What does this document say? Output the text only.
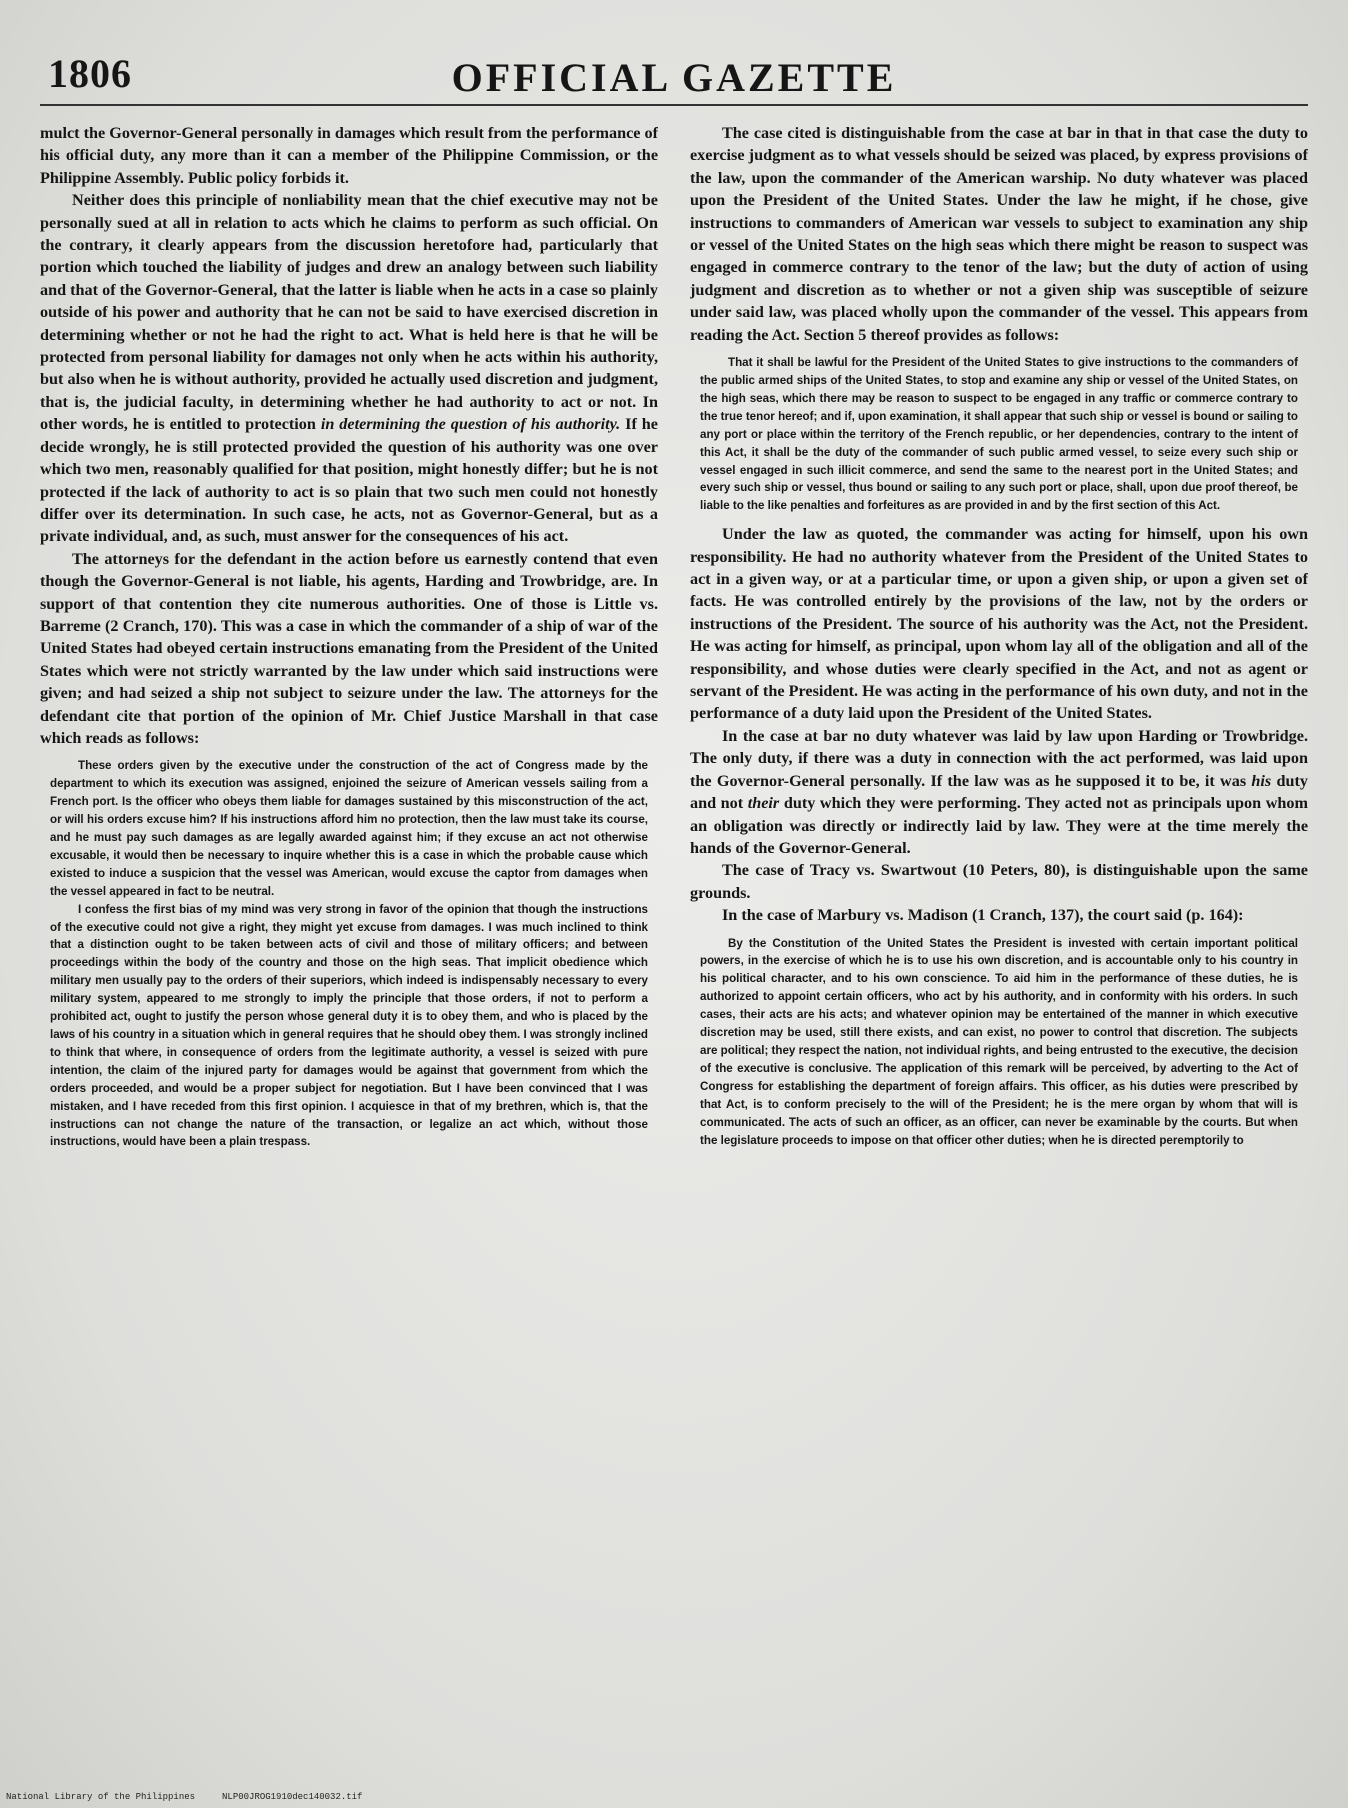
1806	OFFICIAL GAZETTE

mulct the Governor-General personally in damages which result from the performance of his official duty, any more than it can a member of the Philippine Commission, or the Philippine Assembly. Public policy forbids it.

Neither does this principle of nonliability mean that the chief executive may not be personally sued at all in relation to acts which he claims to perform as such official. On the contrary, it clearly appears from the discussion heretofore had, particularly that portion which touched the liability of judges and drew an analogy between such liability and that of the Governor-General, that the latter is liable when he acts in a case so plainly outside of his power and authority that he can not be said to have exercised discretion in determining whether or not he had the right to act. What is held here is that he will be protected from personal liability for damages not only when he acts within his authority, but also when he is without authority, provided he actually used discretion and judgment, that is, the judicial faculty, in determining whether he had authority to act or not. In other words, he is entitled to protection in determining the question of his authority. If he decide wrongly, he is still protected provided the question of his authority was one over which two men, reasonably qualified for that position, might honestly differ; but he is not protected if the lack of authority to act is so plain that two such men could not honestly differ over its determination. In such case, he acts, not as Governor-General, but as a private individual, and, as such, must answer for the consequences of his act.

The attorneys for the defendant in the action before us earnestly contend that even though the Governor-General is not liable, his agents, Harding and Trowbridge, are. In support of that contention they cite numerous authorities. One of those is Little vs. Barreme (2 Cranch, 170). This was a case in which the commander of a ship of war of the United States had obeyed certain instructions emanating from the President of the United States which were not strictly warranted by the law under which said instructions were given; and had seized a ship not subject to seizure under the law. The attorneys for the defendant cite that portion of the opinion of Mr. Chief Justice Marshall in that case which reads as follows:

These orders given by the executive under the construction of the act of Congress made by the department to which its execution was assigned, enjoined the seizure of American vessels sailing from a French port. Is the officer who obeys them liable for damages sustained by this misconstruction of the act, or will his orders excuse him? If his instructions afford him no protection, then the law must take its course, and he must pay such damages as are legally awarded against him; if they excuse an act not otherwise excusable, it would then be necessary to inquire whether this is a case in which the probable cause which existed to induce a suspicion that the vessel was American, would excuse the captor from damages when the vessel appeared in fact to be neutral.

I confess the first bias of my mind was very strong in favor of the opinion that though the instructions of the executive could not give a right, they might yet excuse from damages. I was much inclined to think that a distinction ought to be taken between acts of civil and those of military officers; and between proceedings within the body of the country and those on the high seas. That implicit obedience which military men usually pay to the orders of their superiors, which indeed is indispensably necessary to every military system, appeared to me strongly to imply the principle that those orders, if not to perform a prohibited act, ought to justify the person whose general duty it is to obey them, and who is placed by the laws of his country in a situation which in general requires that he should obey them. I was strongly inclined to think that where, in consequence of orders from the legitimate authority, a vessel is seized with pure intention, the claim of the injured party for damages would be against that government from which the orders proceeded, and would be a proper subject for negotiation. But I have been convinced that I was mistaken, and I have receded from this first opinion. I acquiesce in that of my brethren, which is, that the instructions can not change the nature of the transaction, or legalize an act which, without those instructions, would have been a plain trespass.

The case cited is distinguishable from the case at bar in that in that case the duty to exercise judgment as to what vessels should be seized was placed, by express provisions of the law, upon the commander of the American warship. No duty whatever was placed upon the President of the United States. Under the law he might, if he chose, give instructions to commanders of American war vessels to subject to examination any ship or vessel of the United States on the high seas which there might be reason to suspect was engaged in commerce contrary to the tenor of the law; but the duty of action of using judgment and discretion as to whether or not a given ship was susceptible of seizure under said law, was placed wholly upon the commander of the vessel. This appears from reading the Act. Section 5 thereof provides as follows:

That it shall be lawful for the President of the United States to give instructions to the commanders of the public armed ships of the United States, to stop and examine any ship or vessel of the United States, on the high seas, which there may be reason to suspect to be engaged in any traffic or commerce contrary to the true tenor hereof; and if, upon examination, it shall appear that such ship or vessel is bound or sailing to any port or place within the territory of the French republic, or her dependencies, contrary to the intent of this Act, it shall be the duty of the commander of such public armed vessel, to seize every such ship or vessel engaged in such illicit commerce, and send the same to the nearest port in the United States; and every such ship or vessel, thus bound or sailing to any such port or place, shall, upon due proof thereof, be liable to the like penalties and forfeitures as are provided in and by the first section of this Act.

Under the law as quoted, the commander was acting for himself, upon his own responsibility. He had no authority whatever from the President of the United States to act in a given way, or at a particular time, or upon a given ship, or upon a given set of facts. He was controlled entirely by the provisions of the law, not by the orders or instructions of the President. The source of his authority was the Act, not the President. He was acting for himself, as principal, upon whom lay all of the obligation and all of the responsibility, and whose duties were clearly specified in the Act, and not as agent or servant of the President. He was acting in the performance of his own duty, and not in the performance of a duty laid upon the President of the United States.

In the case at bar no duty whatever was laid by law upon Harding or Trowbridge. The only duty, if there was a duty in connection with the act performed, was laid upon the Governor-General personally. If the law was as he supposed it to be, it was his duty and not their duty which they were performing. They acted not as principals upon whom an obligation was directly or indirectly laid by law. They were at the time merely the hands of the Governor-General.

The case of Tracy vs. Swartwout (10 Peters, 80), is distinguishable upon the same grounds.

In the case of Marbury vs. Madison (1 Cranch, 137), the court said (p. 164):

By the Constitution of the United States the President is invested with certain important political powers, in the exercise of which he is to use his own discretion, and is accountable only to his country in his political character, and to his own conscience. To aid him in the performance of these duties, he is authorized to appoint certain officers, who act by his authority, and in conformity with his orders. In such cases, their acts are his acts; and whatever opinion may be entertained of the manner in which executive discretion may be used, still there exists, and can exist, no power to control that discretion. The subjects are political; they respect the nation, not individual rights, and being entrusted to the executive, the decision of the executive is conclusive. The application of this remark will be perceived, by adverting to the Act of Congress for establishing the department of foreign affairs. This officer, as his duties were prescribed by that Act, is to conform precisely to the will of the President; he is the mere organ by whom that will is communicated. The acts of such an officer, as an officer, can never be examinable by the courts. But when the legislature proceeds to impose on that officer other duties; when he is directed peremptorily to

National Library of the Philippines     NLP00JROG1910dec140032.tif
